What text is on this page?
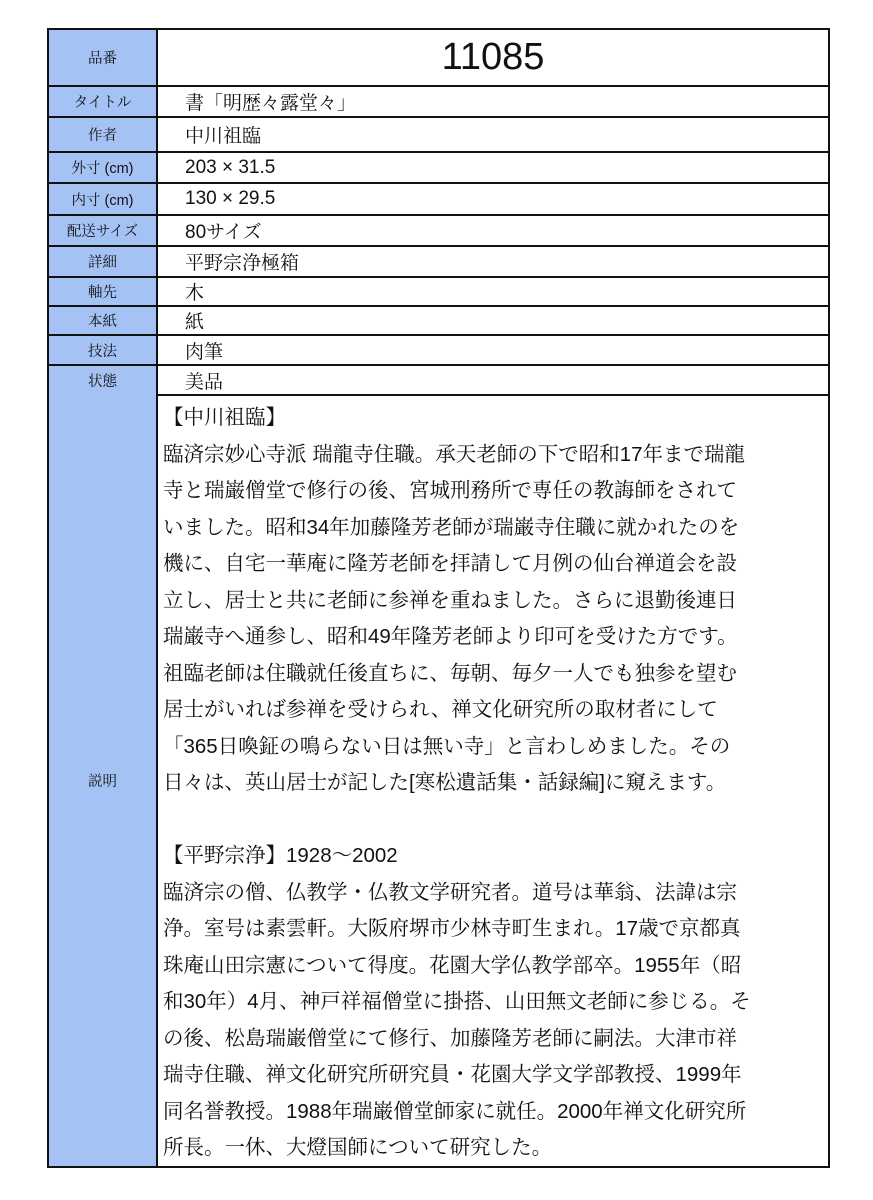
品番	11085
タイトル	書「明歴々露堂々」
作者	中川祖臨
外寸 (cm)	203 × 31.5
内寸 (cm)	130 × 29.5
配送サイズ	80サイズ
詳細	平野宗浄極箱
軸先	木
本紙	紙
技法	肉筆
状態	美品
説明
【中川祖臨】
臨済宗妙心寺派 瑞龍寺住職。承天老師の下で昭和17年まで瑞龍
寺と瑞巌僧堂で修行の後、宮城刑務所で専任の教誨師をされて
いました。昭和34年加藤隆芳老師が瑞巌寺住職に就かれたのを
機に、自宅一華庵に隆芳老師を拝請して月例の仙台禅道会を設
立し、居士と共に老師に参禅を重ねました。さらに退勤後連日
瑞巌寺へ通参し、昭和49年隆芳老師より印可を受けた方です。
祖臨老師は住職就任後直ちに、毎朝、毎夕一人でも独参を望む
居士がいれば参禅を受けられ、禅文化研究所の取材者にして
「365日喚鉦の鳴らない日は無い寺」と言わしめました。その
日々は、英山居士が記した[寒松遺話集・話録編]に窺えます。
【平野宗浄】1928～2002
臨済宗の僧、仏教学・仏教文学研究者。道号は華翁、法諱は宗
浄。室号は素雲軒。大阪府堺市少林寺町生まれ。17歳で京都真
珠庵山田宗憲について得度。花園大学仏教学部卒。1955年（昭
和30年）4月、神戸祥福僧堂に掛搭、山田無文老師に参じる。そ
の後、松島瑞巌僧堂にて修行、加藤隆芳老師に嗣法。大津市祥
瑞寺住職、禅文化研究所研究員・花園大学文学部教授、1999年
同名誉教授。1988年瑞巌僧堂師家に就任。2000年禅文化研究所
所長。一休、大燈国師について研究した。
